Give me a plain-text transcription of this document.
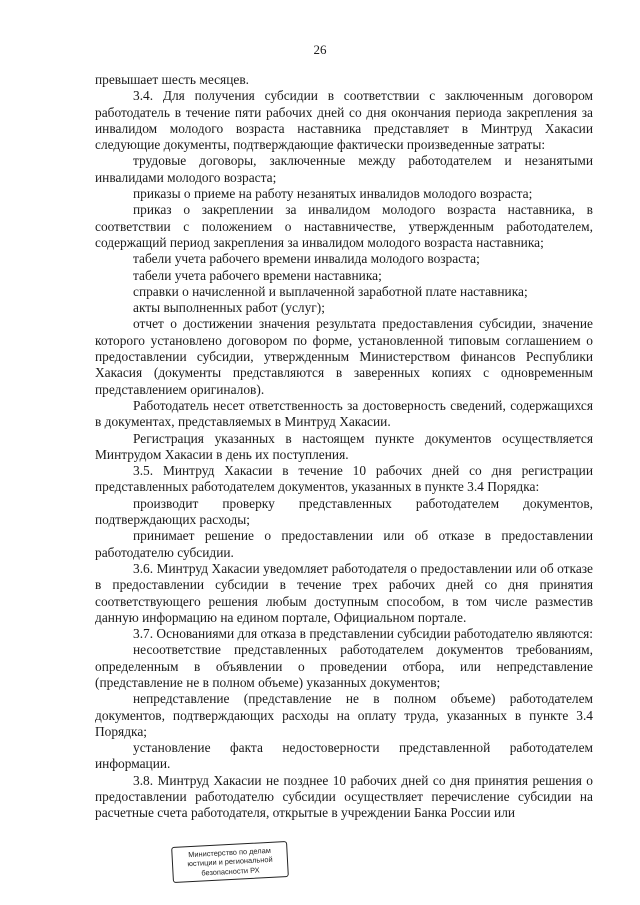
26

превышает шесть месяцев.

3.4. Для получения субсидии в соответствии с заключенным договором работодатель в течение пяти рабочих дней со дня окончания периода закрепления за инвалидом молодого возраста наставника представляет в Минтруд Хакасии следующие документы, подтверждающие фактически произведенные затраты:

трудовые договоры, заключенные между работодателем и незанятыми инвалидами молодого возраста;

приказы о приеме на работу незанятых инвалидов молодого возраста;

приказ о закреплении за инвалидом молодого возраста наставника, в соответствии с положением о наставничестве, утвержденным работодателем, содержащий период закрепления за инвалидом молодого возраста наставника;

табели учета рабочего времени инвалида молодого возраста;

табели учета рабочего времени наставника;

справки о начисленной и выплаченной заработной плате наставника;

акты выполненных работ (услуг);

отчет о достижении значения результата предоставления субсидии, значение которого установлено договором по форме, установленной типовым соглашением о предоставлении субсидии, утвержденным Министерством финансов Республики Хакасия (документы представляются в заверенных копиях с одновременным представлением оригиналов).

Работодатель несет ответственность за достоверность сведений, содержащихся в документах, представляемых в Минтруд Хакасии.

Регистрация указанных в настоящем пункте документов осуществляется Минтрудом Хакасии в день их поступления.

3.5. Минтруд Хакасии в течение 10 рабочих дней со дня регистрации представленных работодателем документов, указанных в пункте 3.4 Порядка:

производит проверку представленных работодателем документов, подтверждающих расходы;

принимает решение о предоставлении или об отказе в предоставлении работодателю субсидии.

3.6. Минтруд Хакасии уведомляет работодателя о предоставлении или об отказе в предоставлении субсидии в течение трех рабочих дней со дня принятия соответствующего решения любым доступным способом, в том числе разместив данную информацию на едином портале, Официальном портале.

3.7. Основаниями для отказа в представлении субсидии работодателю являются:

несоответствие представленных работодателем документов требованиям, определенным в объявлении о проведении отбора, или непредставление (представление не в полном объеме) указанных документов;

непредставление (представление не в полном объеме) работодателем документов, подтверждающих расходы на оплату труда, указанных в пункте 3.4 Порядка;

установление факта недостоверности представленной работодателем информации.

3.8. Минтруд Хакасии не позднее 10 рабочих дней со дня принятия решения о предоставлении работодателю субсидии осуществляет перечисление субсидии на расчетные счета работодателя, открытые в учреждении Банка России или

Министерство по делам
юстиции и региональной
безопасности РХ
